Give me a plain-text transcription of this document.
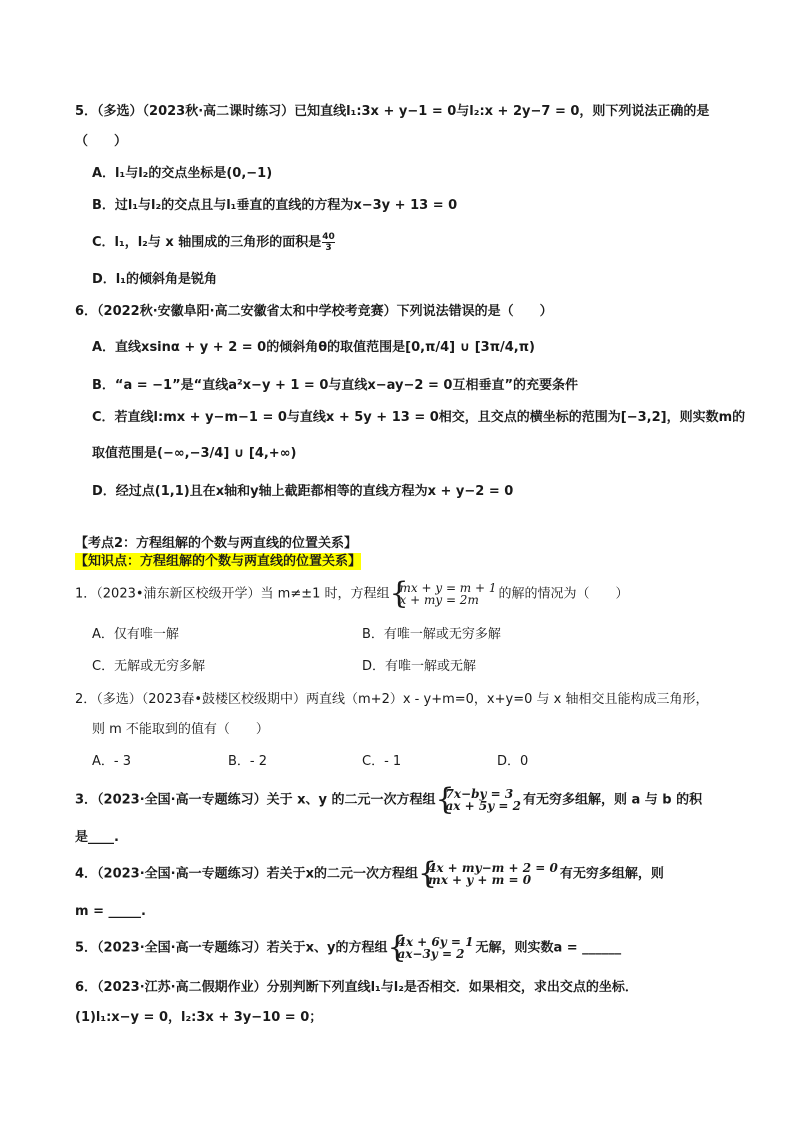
5．（多选）（2023秋·高二课时练习）已知直线l₁:3x + y−1 = 0与l₂:x + 2y−7 = 0，则下列说法正确的是
（　　）
A．l₁与l₂的交点坐标是(0,−1)
B．过l₁与l₂的交点且与l₁垂直的直线的方程为x−3y + 13 = 0
C．l₁，l₂与 x 轴围成的三角形的面积是 $\frac{40}{3}$
D．l₁的倾斜角是锐角
6．（2022秋·安徽阜阳·高二安徽省太和中学校考竞赛）下列说法错误的是（　　）
A．直线xsinα + y + 2 = 0的倾斜角θ的取值范围是[0,π/4] ∪ [3π/4,π)
B．“a = −1”是“直线a²x−y + 1 = 0与直线x−ay−2 = 0互相垂直”的充要条件
C．若直线l:mx + y−m−1 = 0与直线x + 5y + 13 = 0相交，且交点的横坐标的范围为[−3,2]，则实数m的
取值范围是(−∞,−3/4] ∪ [4,+∞)
D．经过点(1,1)且在x轴和y轴上截距都相等的直线方程为x + y−2 = 0
【考点2：方程组解的个数与两直线的位置关系】
【知识点：方程组解的个数与两直线的位置关系】
1．（2023•浦东新区校级开学）当 m≠±1 时，方程组 { mx + y = m + 1
x + my = 2m	的解的情况为（　　）
A．仅有唯一解	B．有唯一解或无穷多解
C．无解或无穷多解	D．有唯一解或无解
2．（多选）（2023春•鼓楼区校级期中）两直线（m+2）x - y+m=0，x+y=0 与 x 轴相交且能构成三角形，
则 m 不能取到的值有（　　）
A．- 3	B．- 2	C．- 1	D．0
3．（2023·全国·高一专题练习）关于 x、y 的二元一次方程组 { 7x−by = 3
ax + 5y = 2 有无穷多组解，则 a 与 b 的积
是____.
4．（2023·全国·高一专题练习）若关于x的二元一次方程组 { 4x + my−m + 2 = 0
mx + y + m = 0	有无穷多组解，则
m = _____.
5．（2023·全国·高一专题练习）若关于x、y的方程组 { 4x + 6y = 1
ax−3y = 2 无解，则实数a = ______
6．（2023·江苏·高二假期作业）分别判断下列直线l₁与l₂是否相交．如果相交，求出交点的坐标．
(1)l₁:x−y = 0，l₂:3x + 3y−10 = 0；
